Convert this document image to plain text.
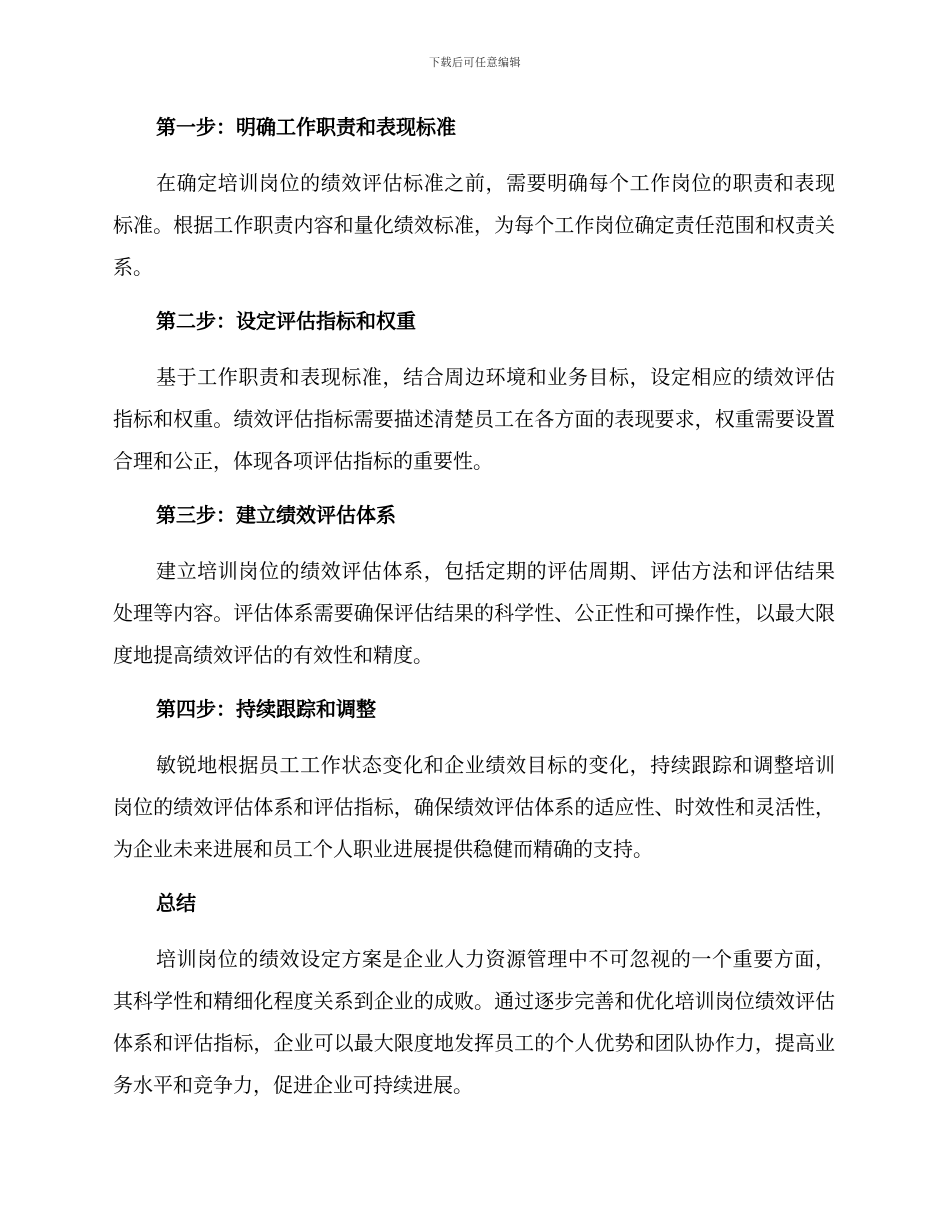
下载后可任意编辑
第一步：明确工作职责和表现标准

在确定培训岗位的绩效评估标准之前，需要明确每个工作岗位的职责和表现标准。根据工作职责内容和量化绩效标准，为每个工作岗位确定责任范围和权责关系。

第二步：设定评估指标和权重

基于工作职责和表现标准，结合周边环境和业务目标，设定相应的绩效评估指标和权重。绩效评估指标需要描述清楚员工在各方面的表现要求，权重需要设置合理和公正，体现各项评估指标的重要性。

第三步：建立绩效评估体系

建立培训岗位的绩效评估体系，包括定期的评估周期、评估方法和评估结果处理等内容。评估体系需要确保评估结果的科学性、公正性和可操作性，以最大限度地提高绩效评估的有效性和精度。

第四步：持续跟踪和调整

敏锐地根据员工工作状态变化和企业绩效目标的变化，持续跟踪和调整培训岗位的绩效评估体系和评估指标，确保绩效评估体系的适应性、时效性和灵活性，为企业未来进展和员工个人职业进展提供稳健而精确的支持。

总结

培训岗位的绩效设定方案是企业人力资源管理中不可忽视的一个重要方面，其科学性和精细化程度关系到企业的成败。通过逐步完善和优化培训岗位绩效评估体系和评估指标，企业可以最大限度地发挥员工的个人优势和团队协作力，提高业务水平和竞争力，促进企业可持续进展。
